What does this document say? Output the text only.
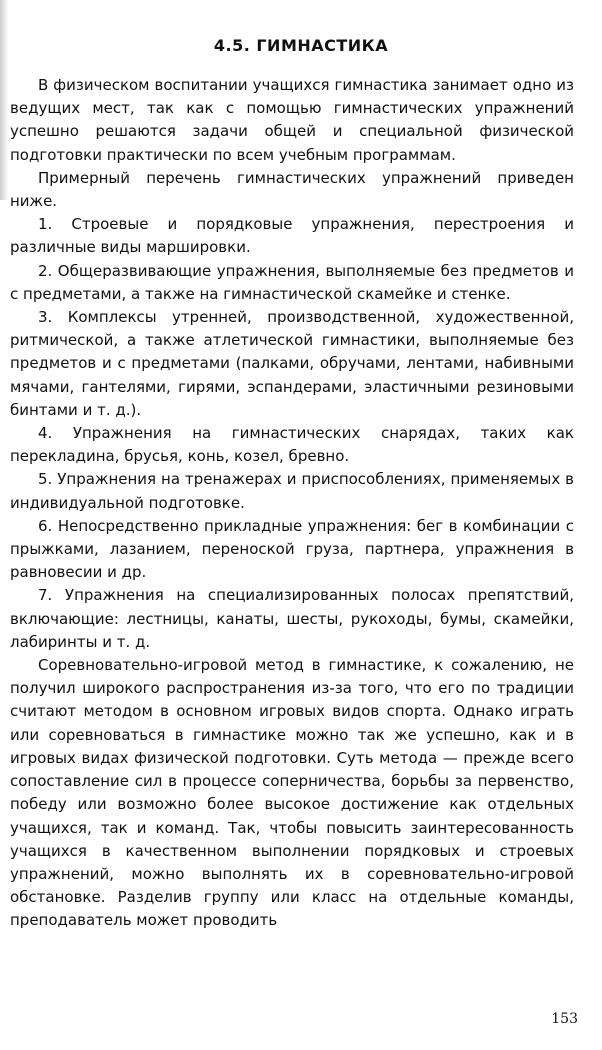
4.5. ГИМНАСТИКА

В физическом воспитании учащихся гимнастика занимает одно из ведущих мест, так как с помощью гимнастических упражнений успешно решаются задачи общей и специальной физической подготовки практически по всем учебным программам.

Примерный перечень гимнастических упражнений приведен ниже.

1. Строевые и порядковые упражнения, перестроения и различные виды маршировки.

2. Общеразвивающие упражнения, выполняемые без предметов и с предметами, а также на гимнастической скамейке и стенке.

3. Комплексы утренней, производственной, художественной, ритмической, а также атлетической гимнастики, выполняемые без предметов и с предметами (палками, обручами, лентами, набивными мячами, гантелями, гирями, эспандерами, эластичными резиновыми бинтами и т. д.).

4. Упражнения на гимнастических снарядах, таких как перекладина, брусья, конь, козел, бревно.

5. Упражнения на тренажерах и приспособлениях, применяемых в индивидуальной подготовке.

6. Непосредственно прикладные упражнения: бег в комбинации с прыжками, лазанием, переноской груза, партнера, упражнения в равновесии и др.

7. Упражнения на специализированных полосах препятствий, включающие: лестницы, канаты, шесты, рукоходы, бумы, скамейки, лабиринты и т. д.

Соревновательно-игровой метод в гимнастике, к сожалению, не получил широкого распространения из-за того, что его по традиции считают методом в основном игровых видов спорта. Однако играть или соревноваться в гимнастике можно так же успешно, как и в игровых видах физической подготовки. Суть метода — прежде всего сопоставление сил в процессе соперничества, борьбы за первенство, победу или возможно более высокое достижение как отдельных учащихся, так и команд. Так, чтобы повысить заинтересованность учащихся в качественном выполнении порядковых и строевых упражнений, можно выполнять их в соревновательно-игровой обстановке. Разделив группу или класс на отдельные команды, преподаватель может проводить

153
